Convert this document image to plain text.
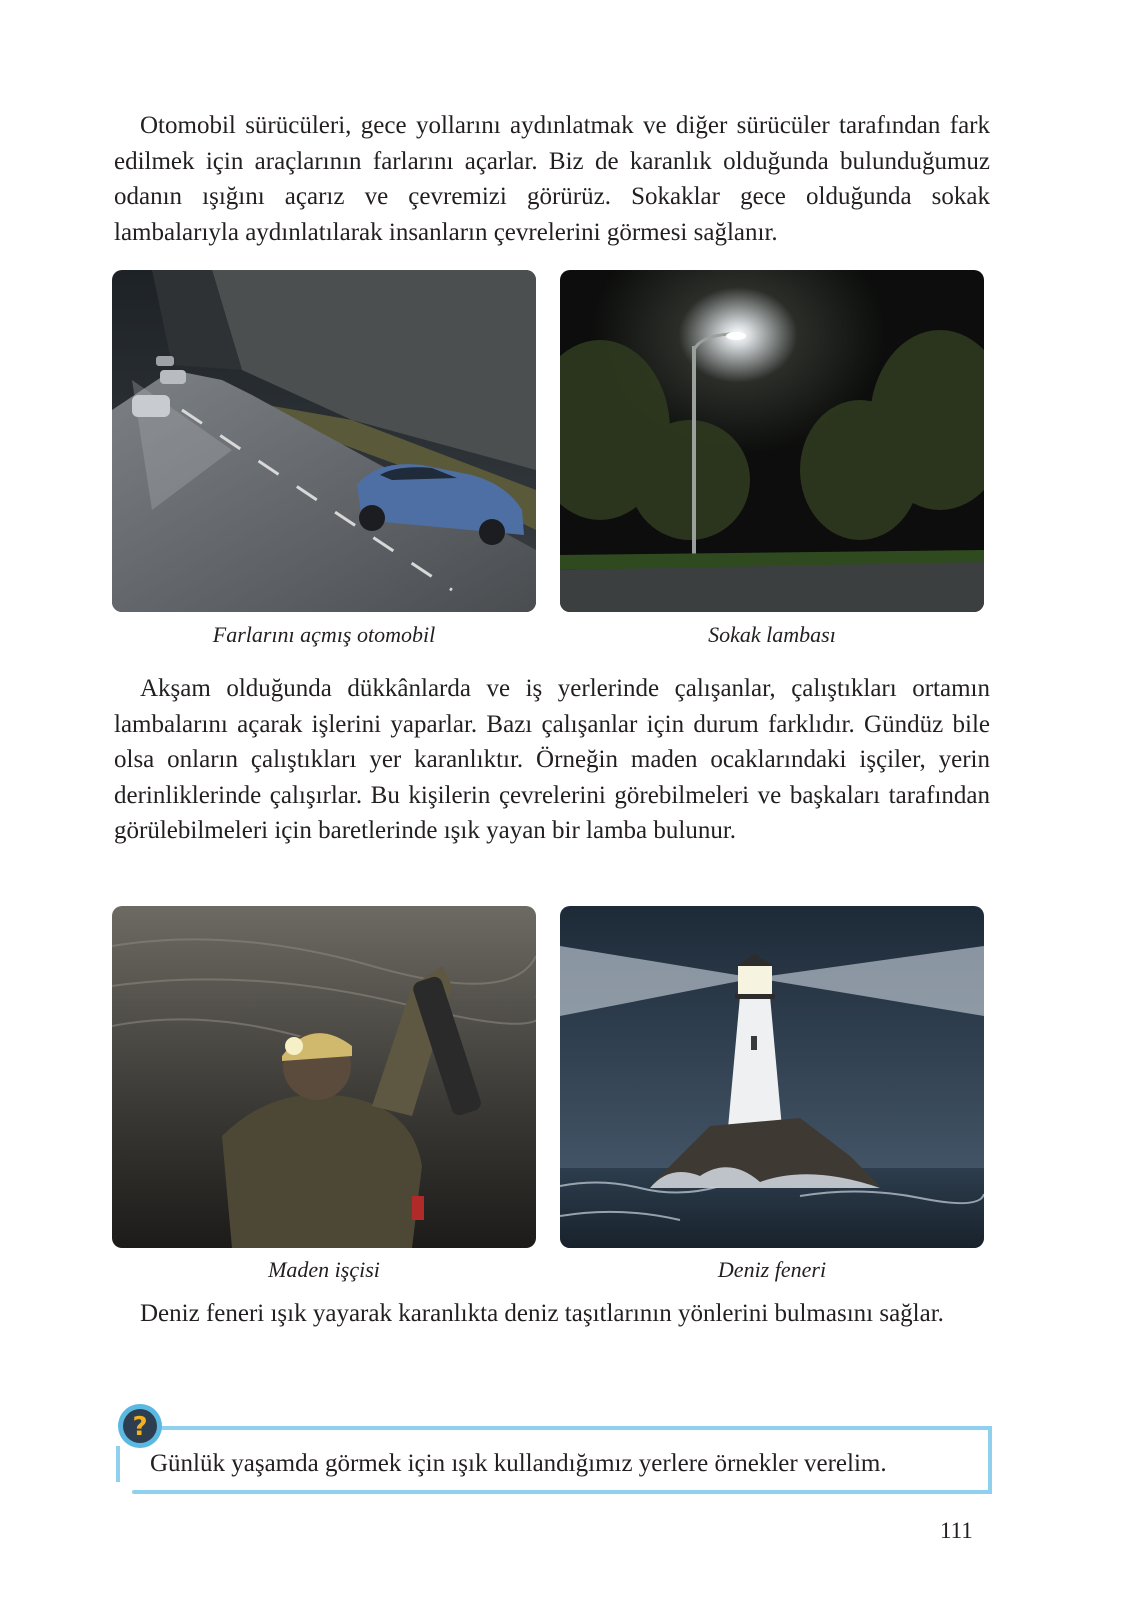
Otomobil sürücüleri, gece yollarını aydınlatmak ve diğer sürücüler tarafından fark edilmek için araçlarının farlarını açarlar. Biz de karanlık olduğunda bulunduğumuz odanın ışığını açarız ve çevremizi görürüz. Sokaklar gece olduğunda sokak lambalarıyla aydınlatılarak insanların çevrelerini görmesi sağlanır.

Farlarını açmış otomobil	Sokak lambası

Akşam olduğunda dükkânlarda ve iş yerlerinde çalışanlar, çalıştıkları ortamın lambalarını açarak işlerini yaparlar. Bazı çalışanlar için durum farklıdır. Gündüz bile olsa onların çalıştıkları yer karanlıktır. Örneğin maden ocaklarındaki işçiler, yerin derinliklerinde çalışırlar. Bu kişilerin çevrelerini görebilmeleri ve başkaları tarafından görülebilmeleri için baretlerinde ışık yayan bir lamba bulunur.

Maden işçisi	Deniz feneri

Deniz feneri ışık yayarak karanlıkta deniz taşıtlarının yönlerini bulmasını sağlar.

?
Günlük yaşamda görmek için ışık kullandığımız yerlere örnekler verelim.
111
